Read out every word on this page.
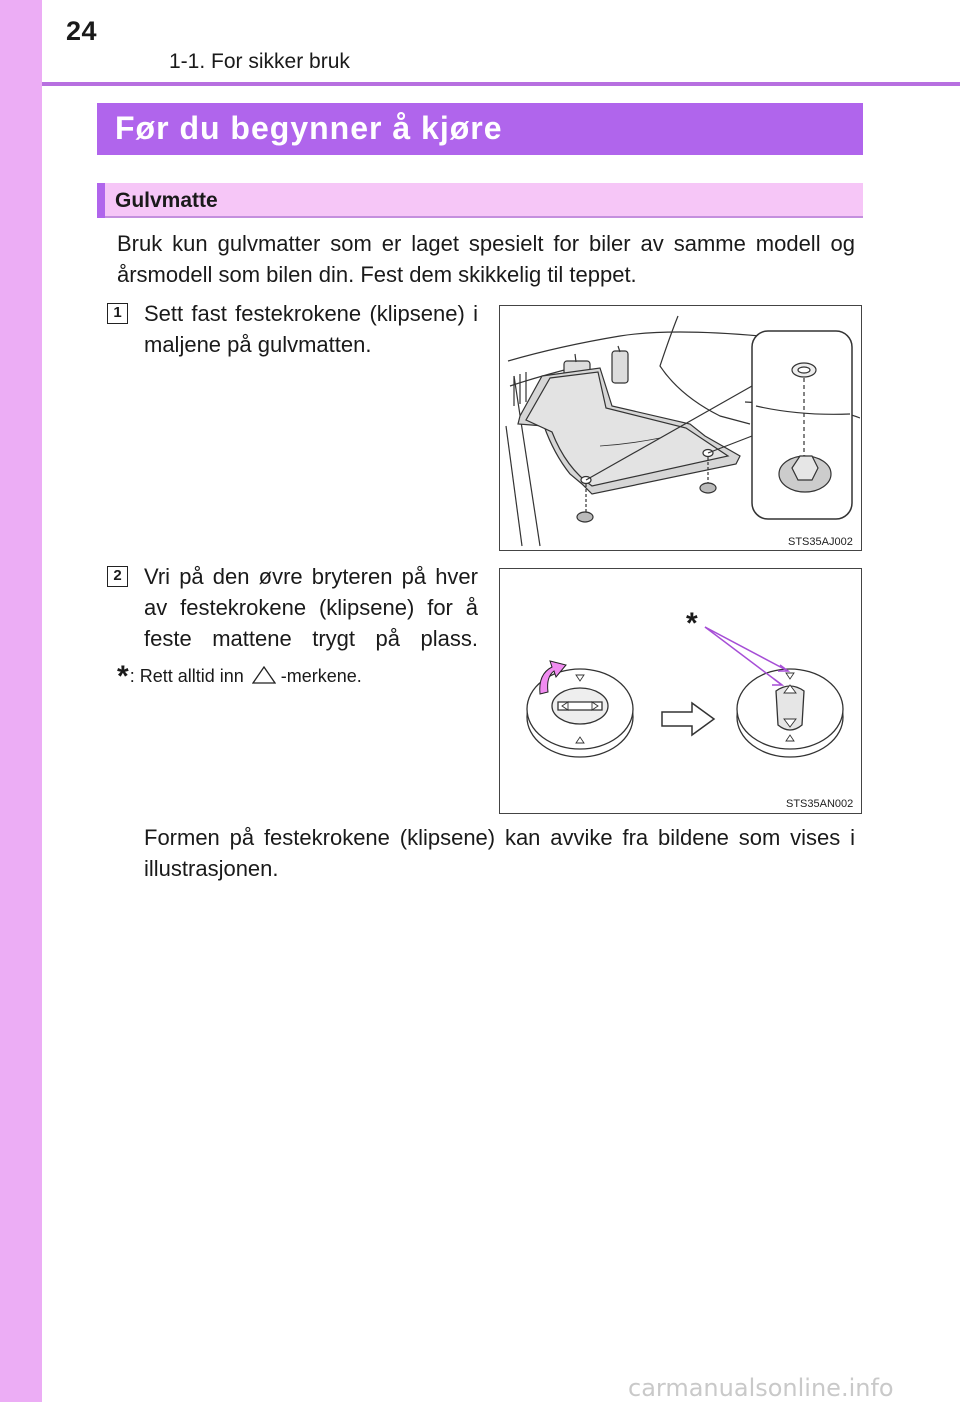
24
1-1. For sikker bruk
Før du begynner å kjøre
Gulvmatte
Bruk kun gulvmatter som er laget spesielt for biler av samme modell og årsmodell som bilen din. Fest dem skikkelig til teppet.
1 Sett fast festekrokene (klipsene) i maljene på gulvmatten.
STS35AJ002
2 Vri på den øvre bryteren på hver av festekrokene (klipsene) for å feste mattene trygt på plass.
*: Rett alltid inn -merkene.
*
STS35AN002
Formen på festekrokene (klipsene) kan avvike fra bildene som vises i illustrasjonen.
carmanualsonline.info
